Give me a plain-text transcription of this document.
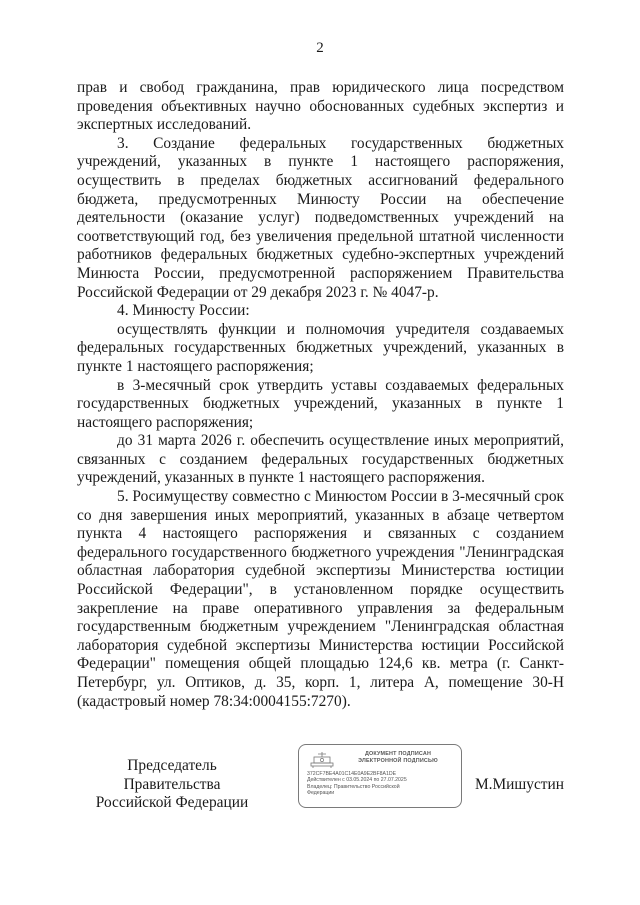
2

прав и свобод гражданина, прав юридического лица посредством проведения объективных научно обоснованных судебных экспертиз и экспертных исследований.

3. Создание федеральных государственных бюджетных учреждений, указанных в пункте 1 настоящего распоряжения, осуществить в пределах бюджетных ассигнований федерального бюджета, предусмотренных Минюсту России на обеспечение деятельности (оказание услуг) подведомственных учреждений на соответствующий год, без увеличения предельной штатной численности работников федеральных бюджетных судебно-экспертных учреждений Минюста России, предусмотренной распоряжением Правительства Российской Федерации от 29 декабря 2023 г. № 4047-р.

4. Минюсту России:

осуществлять функции и полномочия учредителя создаваемых федеральных государственных бюджетных учреждений, указанных в пункте 1 настоящего распоряжения;

в 3-месячный срок утвердить уставы создаваемых федеральных государственных бюджетных учреждений, указанных в пункте 1 настоящего распоряжения;

до 31 марта 2026 г. обеспечить осуществление иных мероприятий, связанных с созданием федеральных государственных бюджетных учреждений, указанных в пункте 1 настоящего распоряжения.

5. Росимуществу совместно с Минюстом России в 3-месячный срок со дня завершения иных мероприятий, указанных в абзаце четвертом пункта 4 настоящего распоряжения и связанных с созданием федерального государственного бюджетного учреждения "Ленинградская областная лаборатория судебной экспертизы Министерства юстиции Российской Федерации", в установленном порядке осуществить закрепление на праве оперативного управления за федеральным государственным бюджетным учреждением "Ленинградская областная лаборатория судебной экспертизы Министерства юстиции Российской Федерации" помещения общей площадью 124,6 кв. метра (г. Санкт-Петербург, ул. Оптиков, д. 35, корп. 1, литера А, помещение 30-Н (кадастровый номер 78:34:0004155:7270).

Председатель Правительства
Российской Федерации
ДОКУМЕНТ ПОДПИСАН
ЭЛЕКТРОННОЙ ПОДПИСЬЮ
372CF7BE4A01C14E0A9E2BF8A1DE
Действителен с 03.05.2024 по 27.07.2025
Владелец: Правительство Российской
Федерации	М.Мишустин
